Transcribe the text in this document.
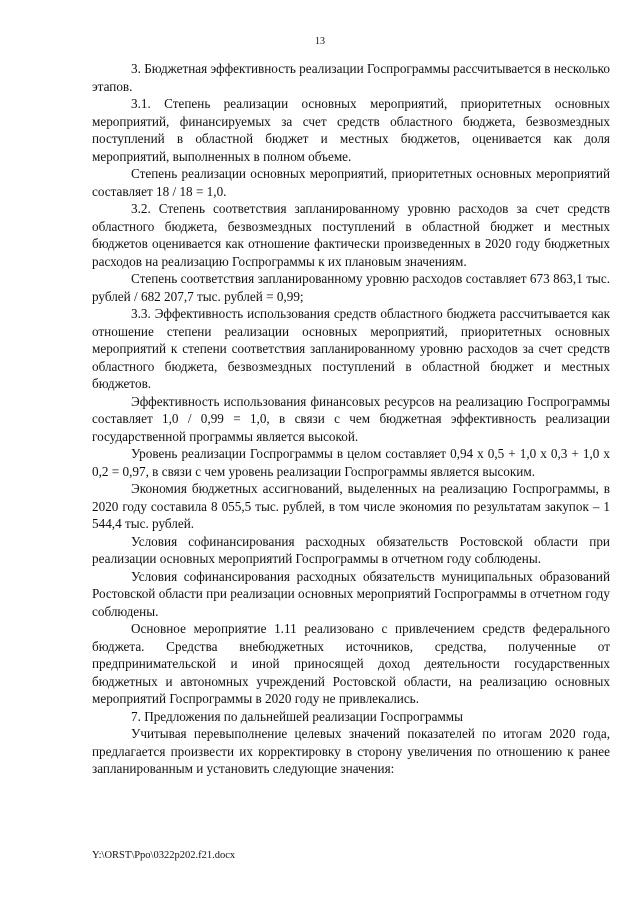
13

3. Бюджетная эффективность реализации Госпрограммы рассчитывается в несколько этапов.

3.1. Степень реализации основных мероприятий, приоритетных основных мероприятий, финансируемых за счет средств областного бюджета, безвозмездных поступлений в областной бюджет и местных бюджетов, оценивается как доля мероприятий, выполненных в полном объеме.

Степень реализации основных мероприятий, приоритетных основных мероприятий составляет 18 / 18 = 1,0.

3.2. Степень соответствия запланированному уровню расходов за счет средств областного бюджета, безвозмездных поступлений в областной бюджет и местных бюджетов оценивается как отношение фактически произведенных в 2020 году бюджетных расходов на реализацию Госпрограммы к их плановым значениям.

Степень соответствия запланированному уровню расходов составляет 673 863,1 тыс. рублей / 682 207,7 тыс. рублей = 0,99;

3.3. Эффективность использования средств областного бюджета рассчитывается как отношение степени реализации основных мероприятий, приоритетных основных мероприятий к степени соответствия запланированному уровню расходов за счет средств областного бюджета, безвозмездных поступлений в областной бюджет и местных бюджетов.

Эффективность использования финансовых ресурсов на реализацию Госпрограммы составляет 1,0 / 0,99 = 1,0, в связи с чем бюджетная эффективность реализации государственной программы является высокой.

Уровень реализации Госпрограммы в целом составляет 0,94 х 0,5 + 1,0 х 0,3 + 1,0 х 0,2 = 0,97, в связи с чем уровень реализации Госпрограммы является высоким.

Экономия бюджетных ассигнований, выделенных на реализацию Госпрограммы, в 2020 году составила 8 055,5 тыс. рублей, в том числе экономия по результатам закупок – 1 544,4 тыс. рублей.

Условия софинансирования расходных обязательств Ростовской области при реализации основных мероприятий Госпрограммы в отчетном году соблюдены.

Условия софинансирования расходных обязательств муниципальных образований Ростовской области при реализации основных мероприятий Госпрограммы в отчетном году соблюдены.

Основное мероприятие 1.11 реализовано с привлечением средств федерального бюджета. Средства внебюджетных источников, средства, полученные от предпринимательской и иной приносящей доход деятельности государственных бюджетных и автономных учреждений Ростовской области, на реализацию основных мероприятий Госпрограммы в 2020 году не привлекались.

7. Предложения по дальнейшей реализации Госпрограммы

Учитывая перевыполнение целевых значений показателей по итогам 2020 года, предлагается произвести их корректировку в сторону увеличения по отношению к ранее запланированным и установить следующие значения:

Y:\ORST\Ppo\0322p202.f21.docx
